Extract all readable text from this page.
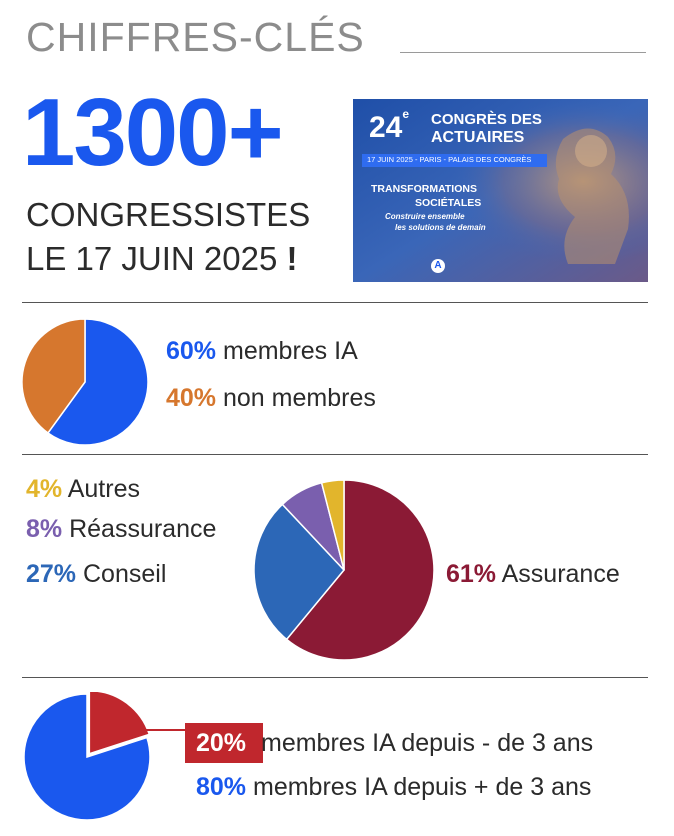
CHIFFRES-CLÉS
1300+
CONGRESSISTES
LE 17 JUIN 2025 !
24e CONGRÈS DES
ACTUAIRES
17 JUIN 2025 - PARIS - PALAIS DES CONGRÈS
TRANSFORMATIONS
SOCIÉTALES
Construire ensemble
les solutions de demain
A
60% membres IA
40% non membres
4% Autres
8% Réassurance
27% Conseil	61% Assurance
20% membres IA depuis - de 3 ans
80% membres IA depuis + de 3 ans
